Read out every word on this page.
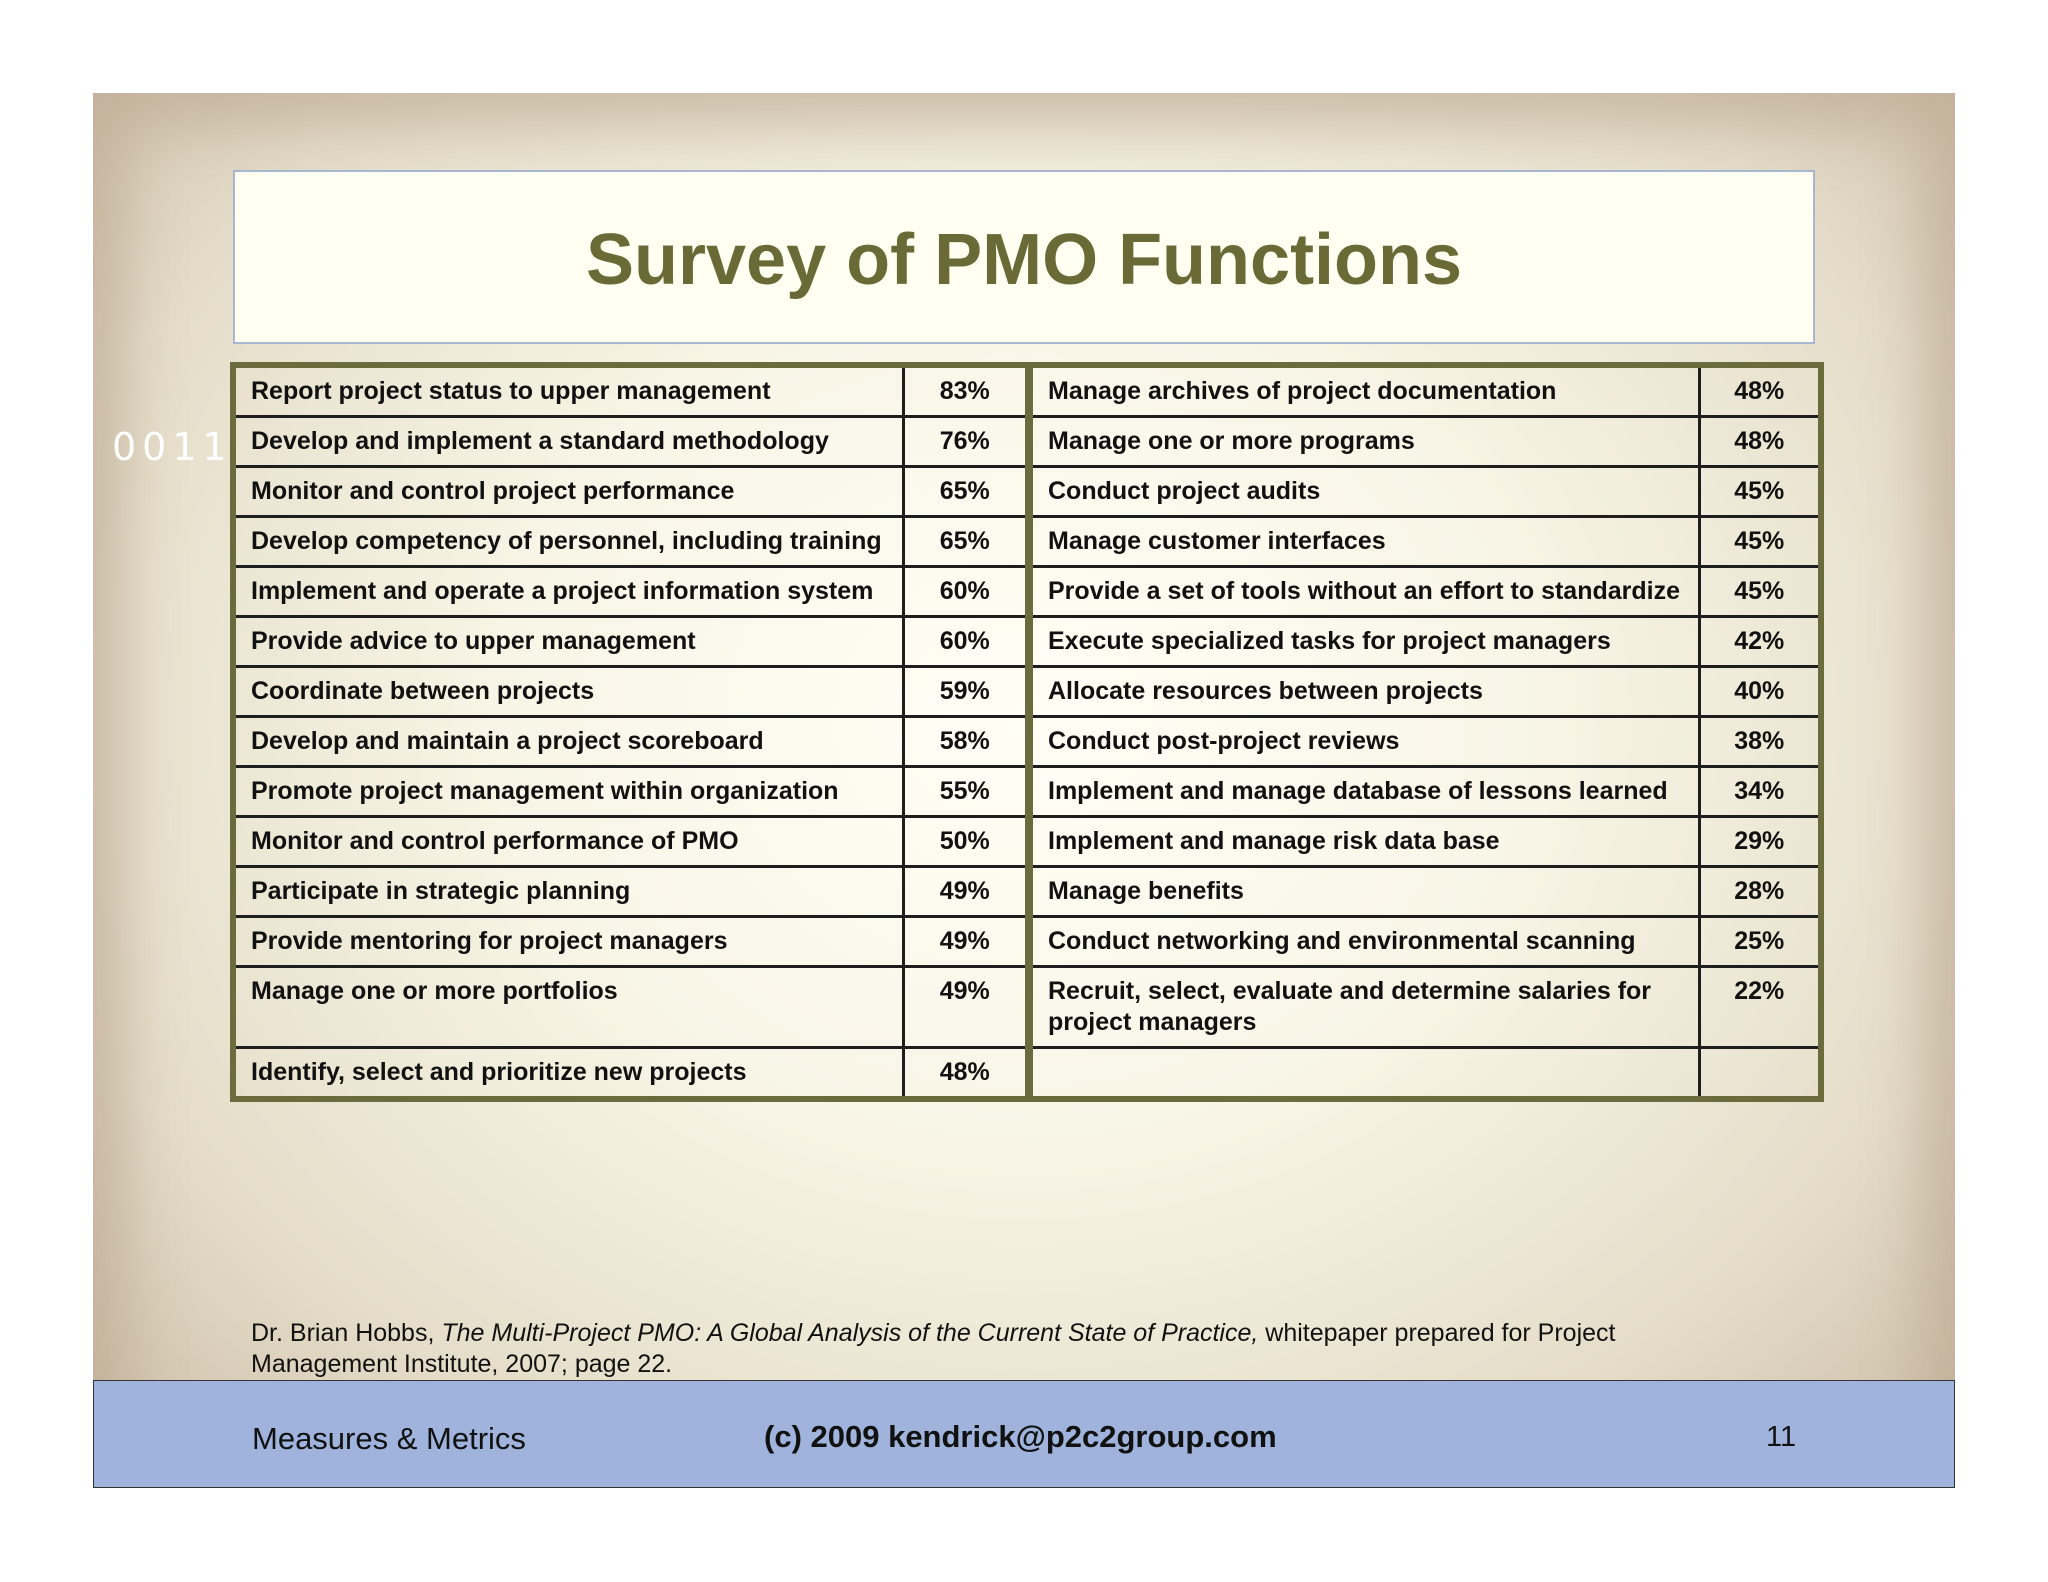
0011
Survey of PMO Functions
Report project status to upper management	83%	Manage archives of project documentation	48%
Develop and implement a standard methodology	76%	Manage one or more programs	48%
Monitor and control project performance	65%	Conduct project audits	45%
Develop competency of personnel, including training	65%	Manage customer interfaces	45%
Implement and operate a project information system	60%	Provide a set of tools without an effort to standardize	45%
Provide advice to upper management	60%	Execute specialized tasks for project managers	42%
Coordinate between projects	59%	Allocate resources between projects	40%
Develop and maintain a project scoreboard	58%	Conduct post-project reviews	38%
Promote project management within organization	55%	Implement and manage database of lessons learned	34%
Monitor and control performance of PMO	50%	Implement and manage risk data base	29%
Participate in strategic planning	49%	Manage benefits	28%
Provide mentoring for project managers	49%	Conduct networking and environmental scanning	25%
Manage one or more portfolios	49%	Recruit, select, evaluate and determine salaries for project managers	22%
Identify, select and prioritize new projects	48%		
Dr. Brian Hobbs, The Multi-Project PMO: A Global Analysis of the Current State of Practice, whitepaper prepared for Project Management Institute, 2007; page 22.
Measures & Metrics	(c) 2009 kendrick@p2c2group.com	11
